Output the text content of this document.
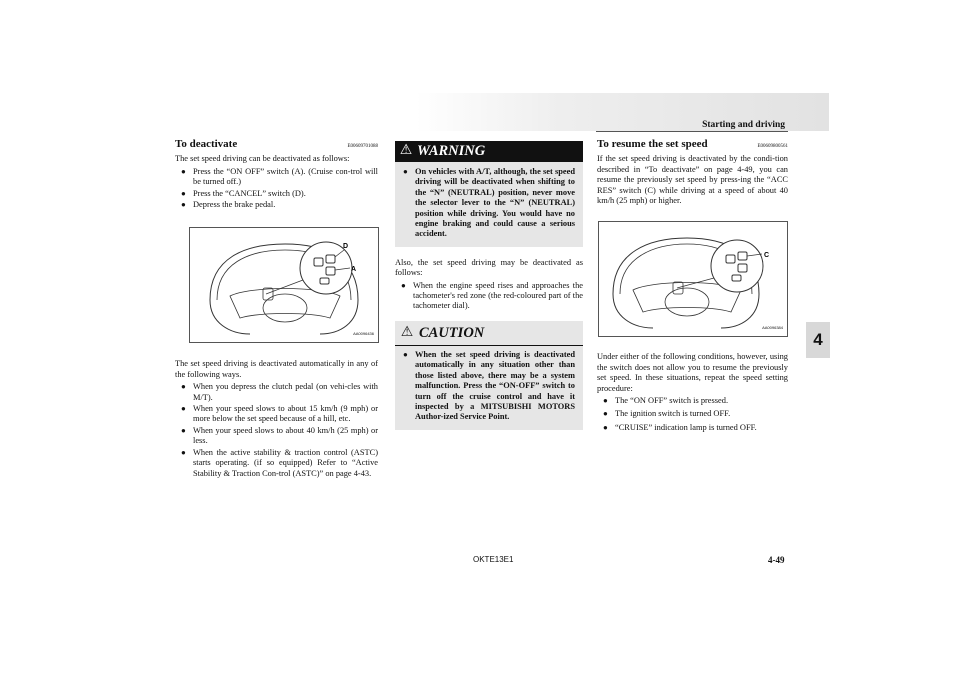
Starting and driving
4
To deactivate	E00609701088

The set speed driving can be deactivated as follows:

● Press the “ON OFF” switch (A). (Cruise con-trol will be turned off.)
● Press the “CANCEL” switch (D).
● Depress the brake pedal.
D
A
AA0096436

The set speed driving is deactivated automatically in any of the following ways.

● When you depress the clutch pedal (on vehi-cles with M/T).
● When your speed slows to about 15 km/h (9 mph) or more below the set speed because of a hill, etc.
● When your speed slows to about 40 km/h (25 mph) or less.
● When the active stability & traction control (ASTC) starts operating. (if so equipped) Refer to “Active Stability & Traction Con-trol (ASTC)” on page 4-43.
⚠ WARNING
● On vehicles with A/T, although, the set speed driving will be deactivated when shifting to the “N” (NEUTRAL) position, never move the selector lever to the “N” (NEUTRAL) position while driving. You would have no engine braking and could cause a serious accident.

Also, the set speed driving may be deactivated as follows:

● When the engine speed rises and approaches the tachometer's red zone (the red-coloured part of the tachometer dial).
⚠ CAUTION
● When the set speed driving is deactivated automatically in any situation other than those listed above, there may be a system malfunction. Press the “ON-OFF” switch to turn off the cruise control and have it inspected by a MITSUBISHI MOTORS Author-ized Service Point.
To resume the set speed	E00609800561

If the set speed driving is deactivated by the condi-tion described in “To deactivate” on page 4-49, you can resume the previously set speed by press-ing the “ACC RES” switch (C) while driving at a speed of about 40 km/h (25 mph) or higher.

C
AA0096384

Under either of the following conditions, however, using the switch does not allow you to resume the previously set speed. In these situations, repeat the speed setting procedure:

● The “ON OFF” switch is pressed.
● The ignition switch is turned OFF.
● “CRUISE” indication lamp is turned OFF.
OKTE13E1	4-49
